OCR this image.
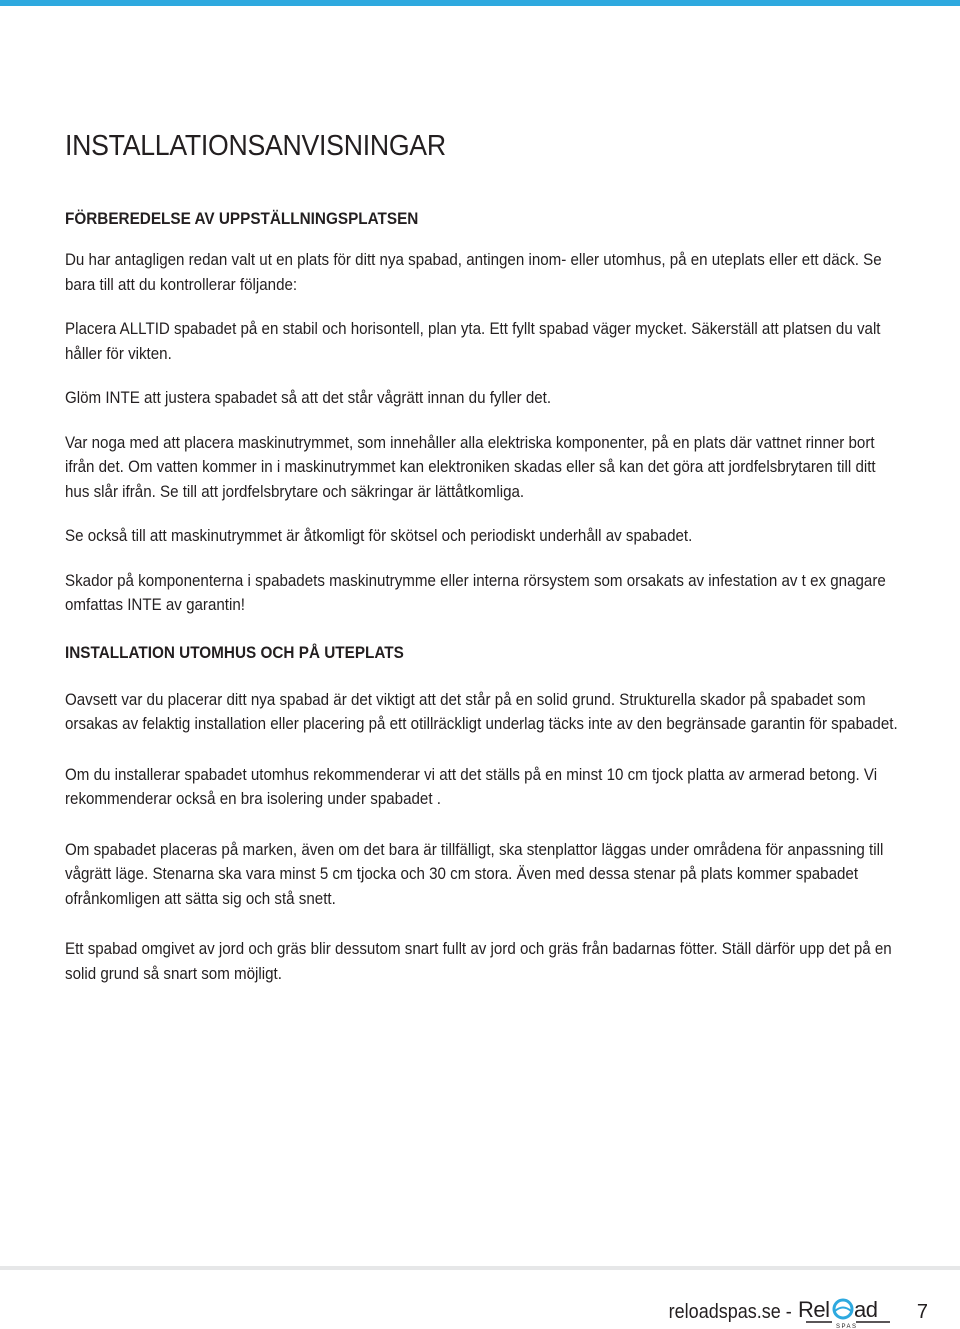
INSTALLATIONSANVISNINGAR
FÖRBEREDELSE AV UPPSTÄLLNINGSPLATSEN

Du har antagligen redan valt ut en plats för ditt nya spabad, antingen inom- eller utomhus, på en uteplats eller ett däck. Se bara till att du kontrollerar följande:

Placera ALLTID spabadet på en stabil och horisontell, plan yta. Ett fyllt spabad väger mycket. Säkerställ att platsen du valt håller för vikten.

Glöm INTE att justera spabadet så att det står vågrätt innan du fyller det.

Var noga med att placera maskinutrymmet, som innehåller alla elektriska komponenter, på en plats där vattnet rinner bort ifrån det. Om vatten kommer in i maskinutrymmet kan elektroniken skadas eller så kan det göra att jordfelsbrytaren till ditt hus slår ifrån. Se till att jordfelsbrytare och säkringar är lättåtkomliga.

Se också till att maskinutrymmet är åtkomligt för skötsel och periodiskt underhåll av spabadet.

Skador på komponenterna i spabadets maskinutrymme eller interna rörsystem som orsakats av infestation av t ex gnagare omfattas INTE av garantin!

INSTALLATION UTOMHUS OCH PÅ UTEPLATS

Oavsett var du placerar ditt nya spabad är det viktigt att det står på en solid grund. Strukturella skador på spabadet som orsakas av felaktig installation eller placering på ett otillräckligt underlag täcks inte av den begränsade garantin för spabadet.

Om du installerar spabadet utomhus rekommenderar vi att det ställs på en minst 10 cm tjock platta av armerad betong. Vi rekommenderar också en bra isolering under spabadet .

Om spabadet placeras på marken, även om det bara är tillfälligt, ska stenplattor läggas under områdena för anpassning till vågrätt läge. Stenarna ska vara minst 5 cm tjocka och 30 cm stora. Även med dessa stenar på plats kommer spabadet ofrånkomligen att sätta sig och stå snett.

Ett spabad omgivet av jord och gräs blir dessutom snart fullt av jord och gräs från badarnas fötter. Ställ därför upp det på en solid grund så snart som möjligt.

reloadspas.se - Rel ad
SPAS
7
